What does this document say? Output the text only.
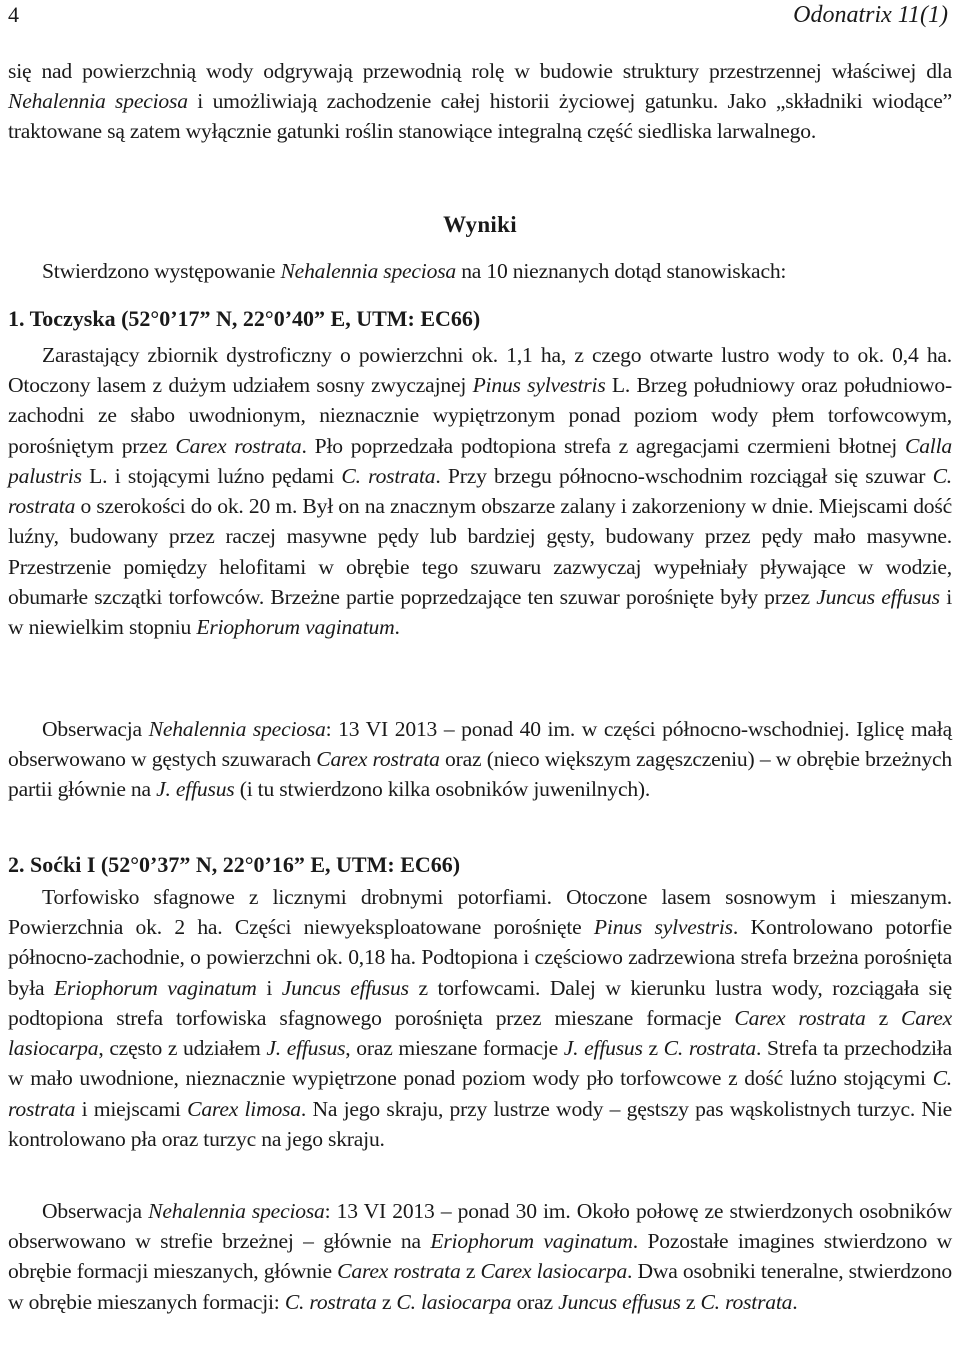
4	Odonatrix 11(1)

się nad powierzchnią wody odgrywają przewodnią rolę w budowie struktury przestrzennej właściwej dla Nehalennia speciosa i umożliwiają zachodzenie całej historii życiowej gatunku. Jako „składniki wiodące” traktowane są zatem wyłącznie gatunki roślin stanowiące integralną część siedliska larwalnego.

Wyniki

Stwierdzono występowanie Nehalennia speciosa na 10 nieznanych dotąd stanowiskach:

1. Toczyska (52°0’17” N, 22°0’40” E, UTM: EC66)

Zarastający zbiornik dystroficzny o powierzchni ok. 1,1 ha, z czego otwarte lustro wody to ok. 0,4 ha. Otoczony lasem z dużym udziałem sosny zwyczajnej Pinus sylvestris L. Brzeg południowy oraz południowo-zachodni ze słabo uwodnionym, nieznacznie wypiętrzonym ponad poziom wody płem torfowcowym, porośniętym przez Carex rostrata. Pło poprzedzała podtopiona strefa z agregacjami czermieni błotnej Calla palustris L. i stojącymi luźno pędami C. rostrata. Przy brzegu północno-wschodnim rozciągał się szuwar C. rostrata o szerokości do ok. 20 m. Był on na znacznym obszarze zalany i zakorzeniony w dnie. Miejscami dość luźny, budowany przez raczej masywne pędy lub bardziej gęsty, budowany przez pędy mało masywne. Przestrzenie pomiędzy helofitami w obrębie tego szuwaru zazwyczaj wypełniały pływające w wodzie, obumarłe szczątki torfowców. Brzeżne partie poprzedzające ten szuwar porośnięte były przez Juncus effusus i w niewielkim stopniu Eriophorum vaginatum.

Obserwacja Nehalennia speciosa: 13 VI 2013 – ponad 40 im. w części północno-wschodniej. Iglicę małą obserwowano w gęstych szuwarach Carex rostrata oraz (nieco większym zagęszczeniu) – w obrębie brzeżnych partii głównie na J. effusus (i tu stwierdzono kilka osobników juwenilnych).

2. Soćki I (52°0’37” N, 22°0’16” E, UTM: EC66)

Torfowisko sfagnowe z licznymi drobnymi potorfiami. Otoczone lasem sosnowym i mieszanym. Powierzchnia ok. 2 ha. Części niewyeksploatowane porośnięte Pinus sylvestris. Kontrolowano potorfie północno-zachodnie, o powierzchni ok. 0,18 ha. Podtopiona i częściowo zadrzewiona strefa brzeżna porośnięta była Eriophorum vaginatum i Juncus effusus z torfowcami. Dalej w kierunku lustra wody, rozciągała się podtopiona strefa torfowiska sfagnowego porośnięta przez mieszane formacje Carex rostrata z Carex lasiocarpa, często z udziałem J. effusus, oraz mieszane formacje J. effusus z C. rostrata. Strefa ta przechodziła w mało uwodnione, nieznacznie wypiętrzone ponad poziom wody pło torfowcowe z dość luźno stojącymi C. rostrata i miejscami Carex limosa. Na jego skraju, przy lustrze wody – gęstszy pas wąskolistnych turzyc. Nie kontrolowano pła oraz turzyc na jego skraju.

Obserwacja Nehalennia speciosa: 13 VI 2013 – ponad 30 im. Około połowę ze stwierdzonych osobników obserwowano w strefie brzeżnej – głównie na Eriophorum vaginatum. Pozostałe imagines stwierdzono w obrębie formacji mieszanych, głównie Carex rostrata z Carex lasiocarpa. Dwa osobniki teneralne, stwierdzono w obrębie mieszanych formacji: C. rostrata z C. lasiocarpa oraz Juncus effusus z C. rostrata.
